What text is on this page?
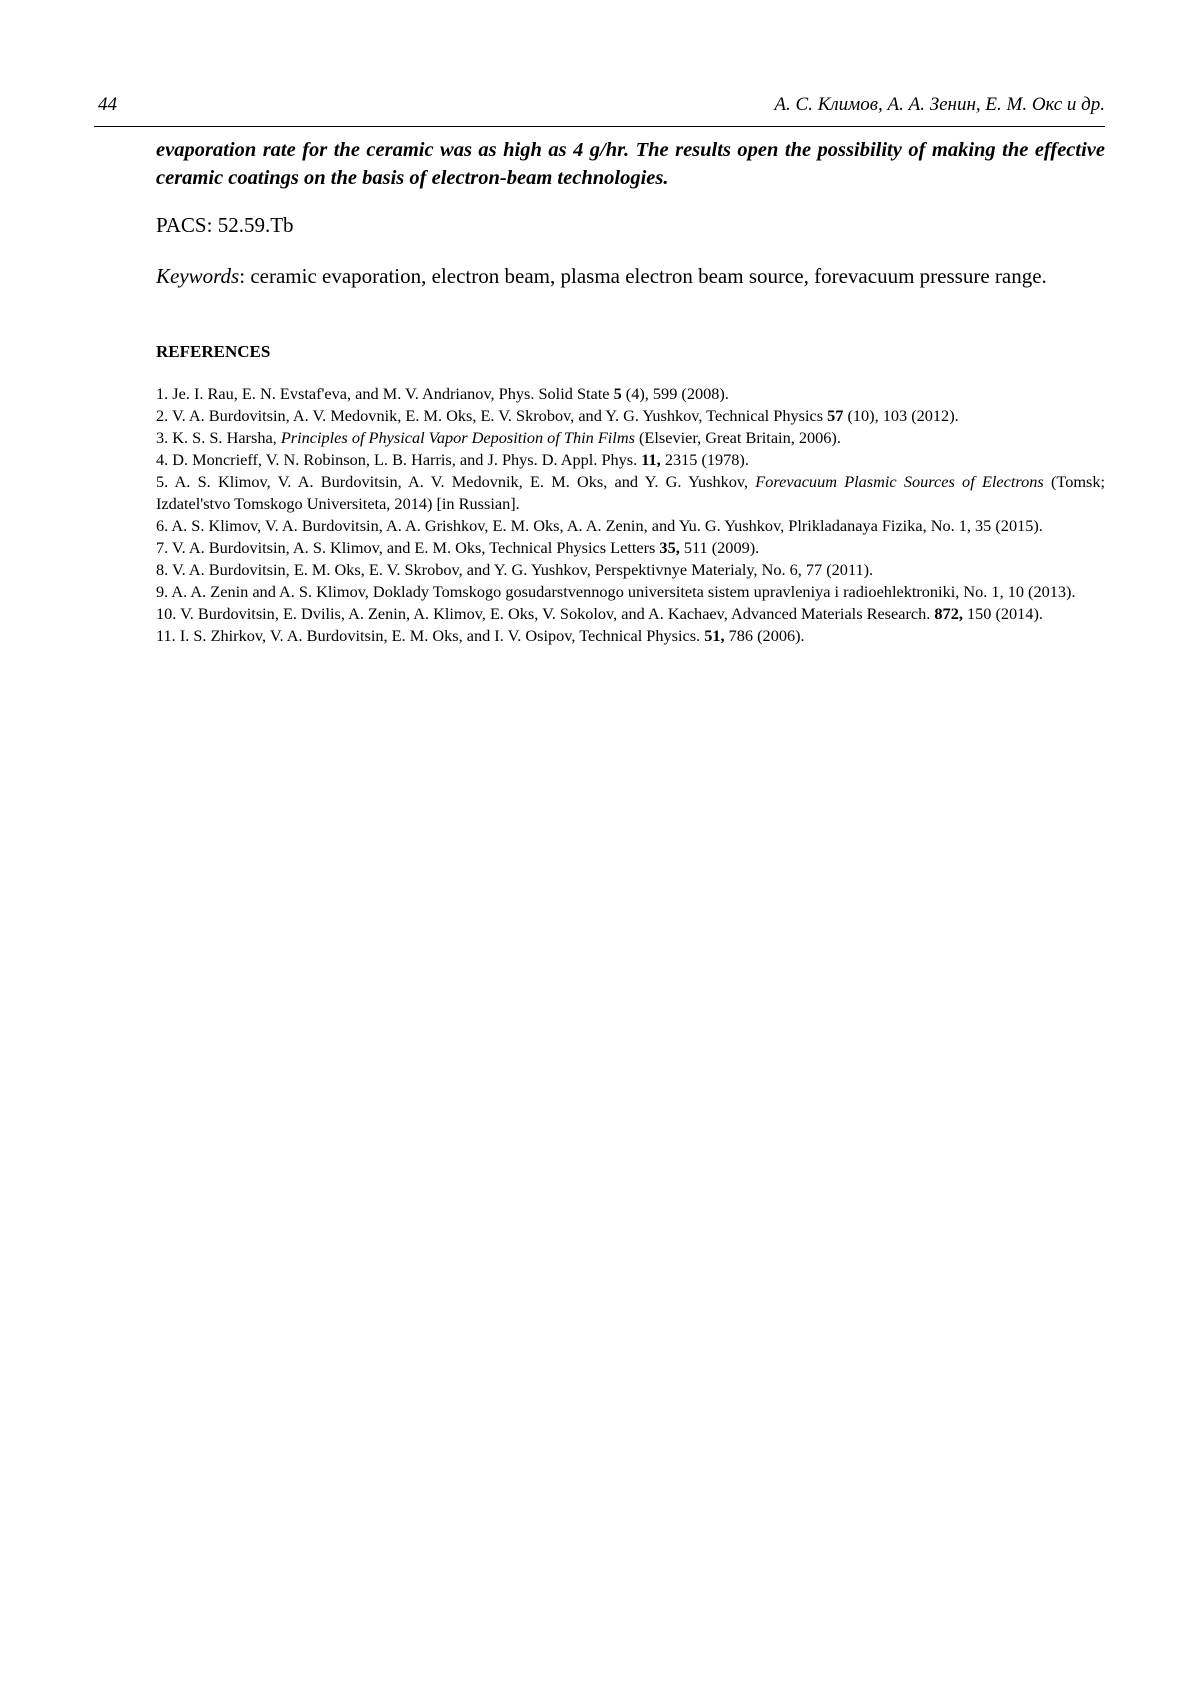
44	А. С. Климов, А. А. Зенин, Е. М. Окс и др.
evaporation rate for the ceramic was as high as 4 g/hr. The results open the possibility of making the effective ceramic coatings on the basis of electron-beam technologies.
PACS: 52.59.Tb
Keywords: ceramic evaporation, electron beam, plasma electron beam source, forevacuum pressure range.
REFERENCES
1. Je. I. Rau, E. N. Evstaf'eva, and M. V. Andrianov, Phys. Solid State 5 (4), 599 (2008).
2. V. A. Burdovitsin, A. V. Medovnik, E. M. Oks, E. V. Skrobov, and Y. G. Yushkov, Technical Physics 57 (10), 103 (2012).
3. K. S. S. Harsha, Principles of Physical Vapor Deposition of Thin Films (Elsevier, Great Britain, 2006).
4. D. Moncrieff, V. N. Robinson, L. B. Harris, and J. Phys. D. Appl. Phys. 11, 2315 (1978).
5. A. S. Klimov, V. A. Burdovitsin, A. V. Medovnik, E. M. Oks, and Y. G. Yushkov, Forevacuum Plasmic Sources of Electrons (Tomsk; Izdatel'stvo Tomskogo Universiteta, 2014) [in Russian].
6. A. S. Klimov, V. A. Burdovitsin, A. A. Grishkov, E. M. Oks, A. A. Zenin, and Yu. G. Yushkov, Plrikladanaya Fizika, No. 1, 35 (2015).
7. V. A. Burdovitsin, A. S. Klimov, and E. M. Oks, Technical Physics Letters 35, 511 (2009).
8. V. A. Burdovitsin, E. M. Oks, E. V. Skrobov, and Y. G. Yushkov, Perspektivnye Materialy, No. 6, 77 (2011).
9. A. A. Zenin and A. S. Klimov, Doklady Tomskogo gosudarstvennogo universiteta sistem upravleniya i radioehlektroniki, No. 1, 10 (2013).
10. V. Burdovitsin, E. Dvilis, A. Zenin, A. Klimov, E. Oks, V. Sokolov, and A. Kachaev, Advanced Materials Research. 872, 150 (2014).
11. I. S. Zhirkov, V. A. Burdovitsin, E. M. Oks, and I. V. Osipov, Technical Physics. 51, 786 (2006).
